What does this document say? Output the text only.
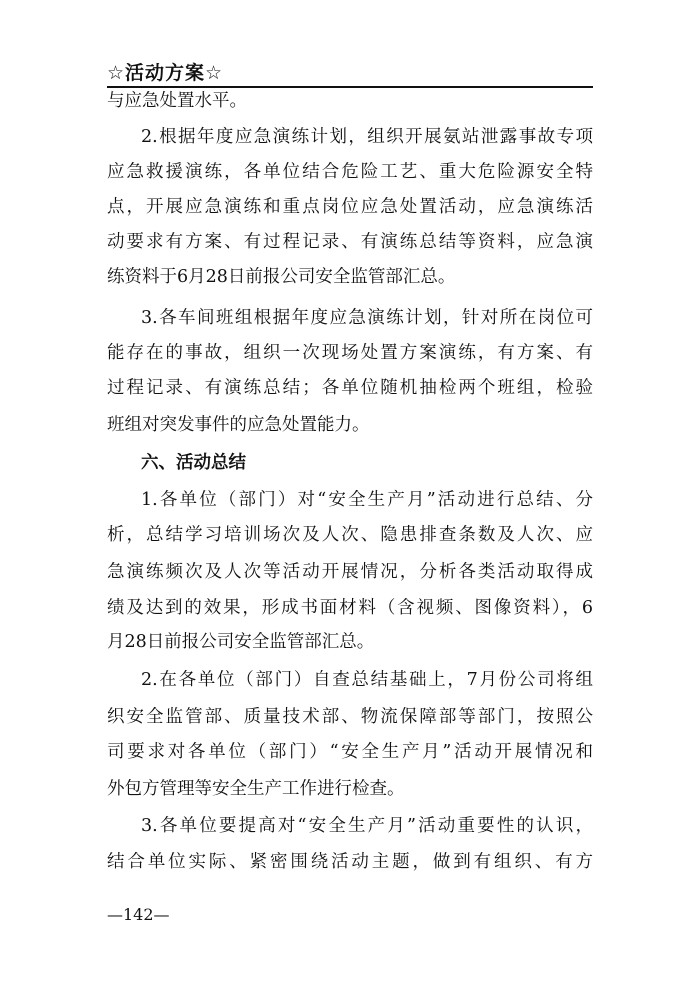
☆活动方案☆
与应急处置水平。
2.根据年度应急演练计划，组织开展氨站泄露事故专项
应急救援演练，各单位结合危险工艺、重大危险源安全特
点，开展应急演练和重点岗位应急处置活动，应急演练活
动要求有方案、有过程记录、有演练总结等资料，应急演
练资料于6月28日前报公司安全监管部汇总。
3.各车间班组根据年度应急演练计划，针对所在岗位可
能存在的事故，组织一次现场处置方案演练，有方案、有
过程记录、有演练总结；各单位随机抽检两个班组，检验
班组对突发事件的应急处置能力。
六、活动总结
1.各单位（部门）对“安全生产月”活动进行总结、分
析，总结学习培训场次及人次、隐患排查条数及人次、应
急演练频次及人次等活动开展情况，分析各类活动取得成
绩及达到的效果，形成书面材料（含视频、图像资料），6
月28日前报公司安全监管部汇总。
2.在各单位（部门）自查总结基础上，7月份公司将组
织安全监管部、质量技术部、物流保障部等部门，按照公
司要求对各单位（部门）“安全生产月”活动开展情况和
外包方管理等安全生产工作进行检查。
3.各单位要提高对“安全生产月”活动重要性的认识，
结合单位实际、紧密围绕活动主题，做到有组织、有方
—142—
